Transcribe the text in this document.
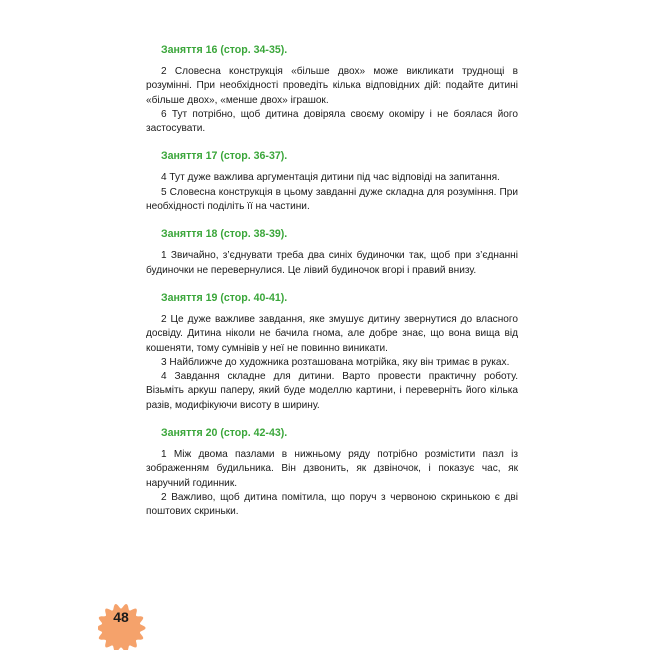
Заняття 16 (стор. 34-35).

2 Словесна конструкція «більше двох» може викликати труднощі в розумінні. При необхідності проведіть кілька відповідних дій: подайте дитині «більше двох», «менше двох» іграшок.

6 Тут потрібно, щоб дитина довіряла своєму окоміру і не боялася його застосувати.

Заняття 17 (стор. 36-37).

4 Тут дуже важлива аргументація дитини під час відповіді на запитання.

5 Словесна конструкція в цьому завданні дуже складна для розуміння. При необхідності поділіть її на частини.

Заняття 18 (стор. 38-39).

1 Звичайно, з’єднувати треба два синіх будиночки так, щоб при з’єднанні будиночки не перевернулися. Це лівий будиночок вгорі і правий внизу.

Заняття 19 (стор. 40-41).

2 Це дуже важливе завдання, яке змушує дитину звернутися до власного досвіду. Дитина ніколи не бачила гнома, але добре знає, що вона вища від кошеняти, тому сумнівів у неї не повинно виникати.

3 Найближче до художника розташована мотрійка, яку він тримає в руках.

4 Завдання складне для дитини. Варто провести практичну роботу. Візьміть аркуш паперу, який буде моделлю картини, і переверніть його кілька разів, модифікуючи висоту в ширину.

Заняття 20 (стор. 42-43).

1 Між двома пазлами в нижньому ряду потрібно розмістити пазл із зображенням будильника. Він дзвонить, як дзвіночок, і показує час, як наручний годинник.

2 Важливо, щоб дитина помітила, що поруч з червоною скринькою є дві поштових скриньки.

48
